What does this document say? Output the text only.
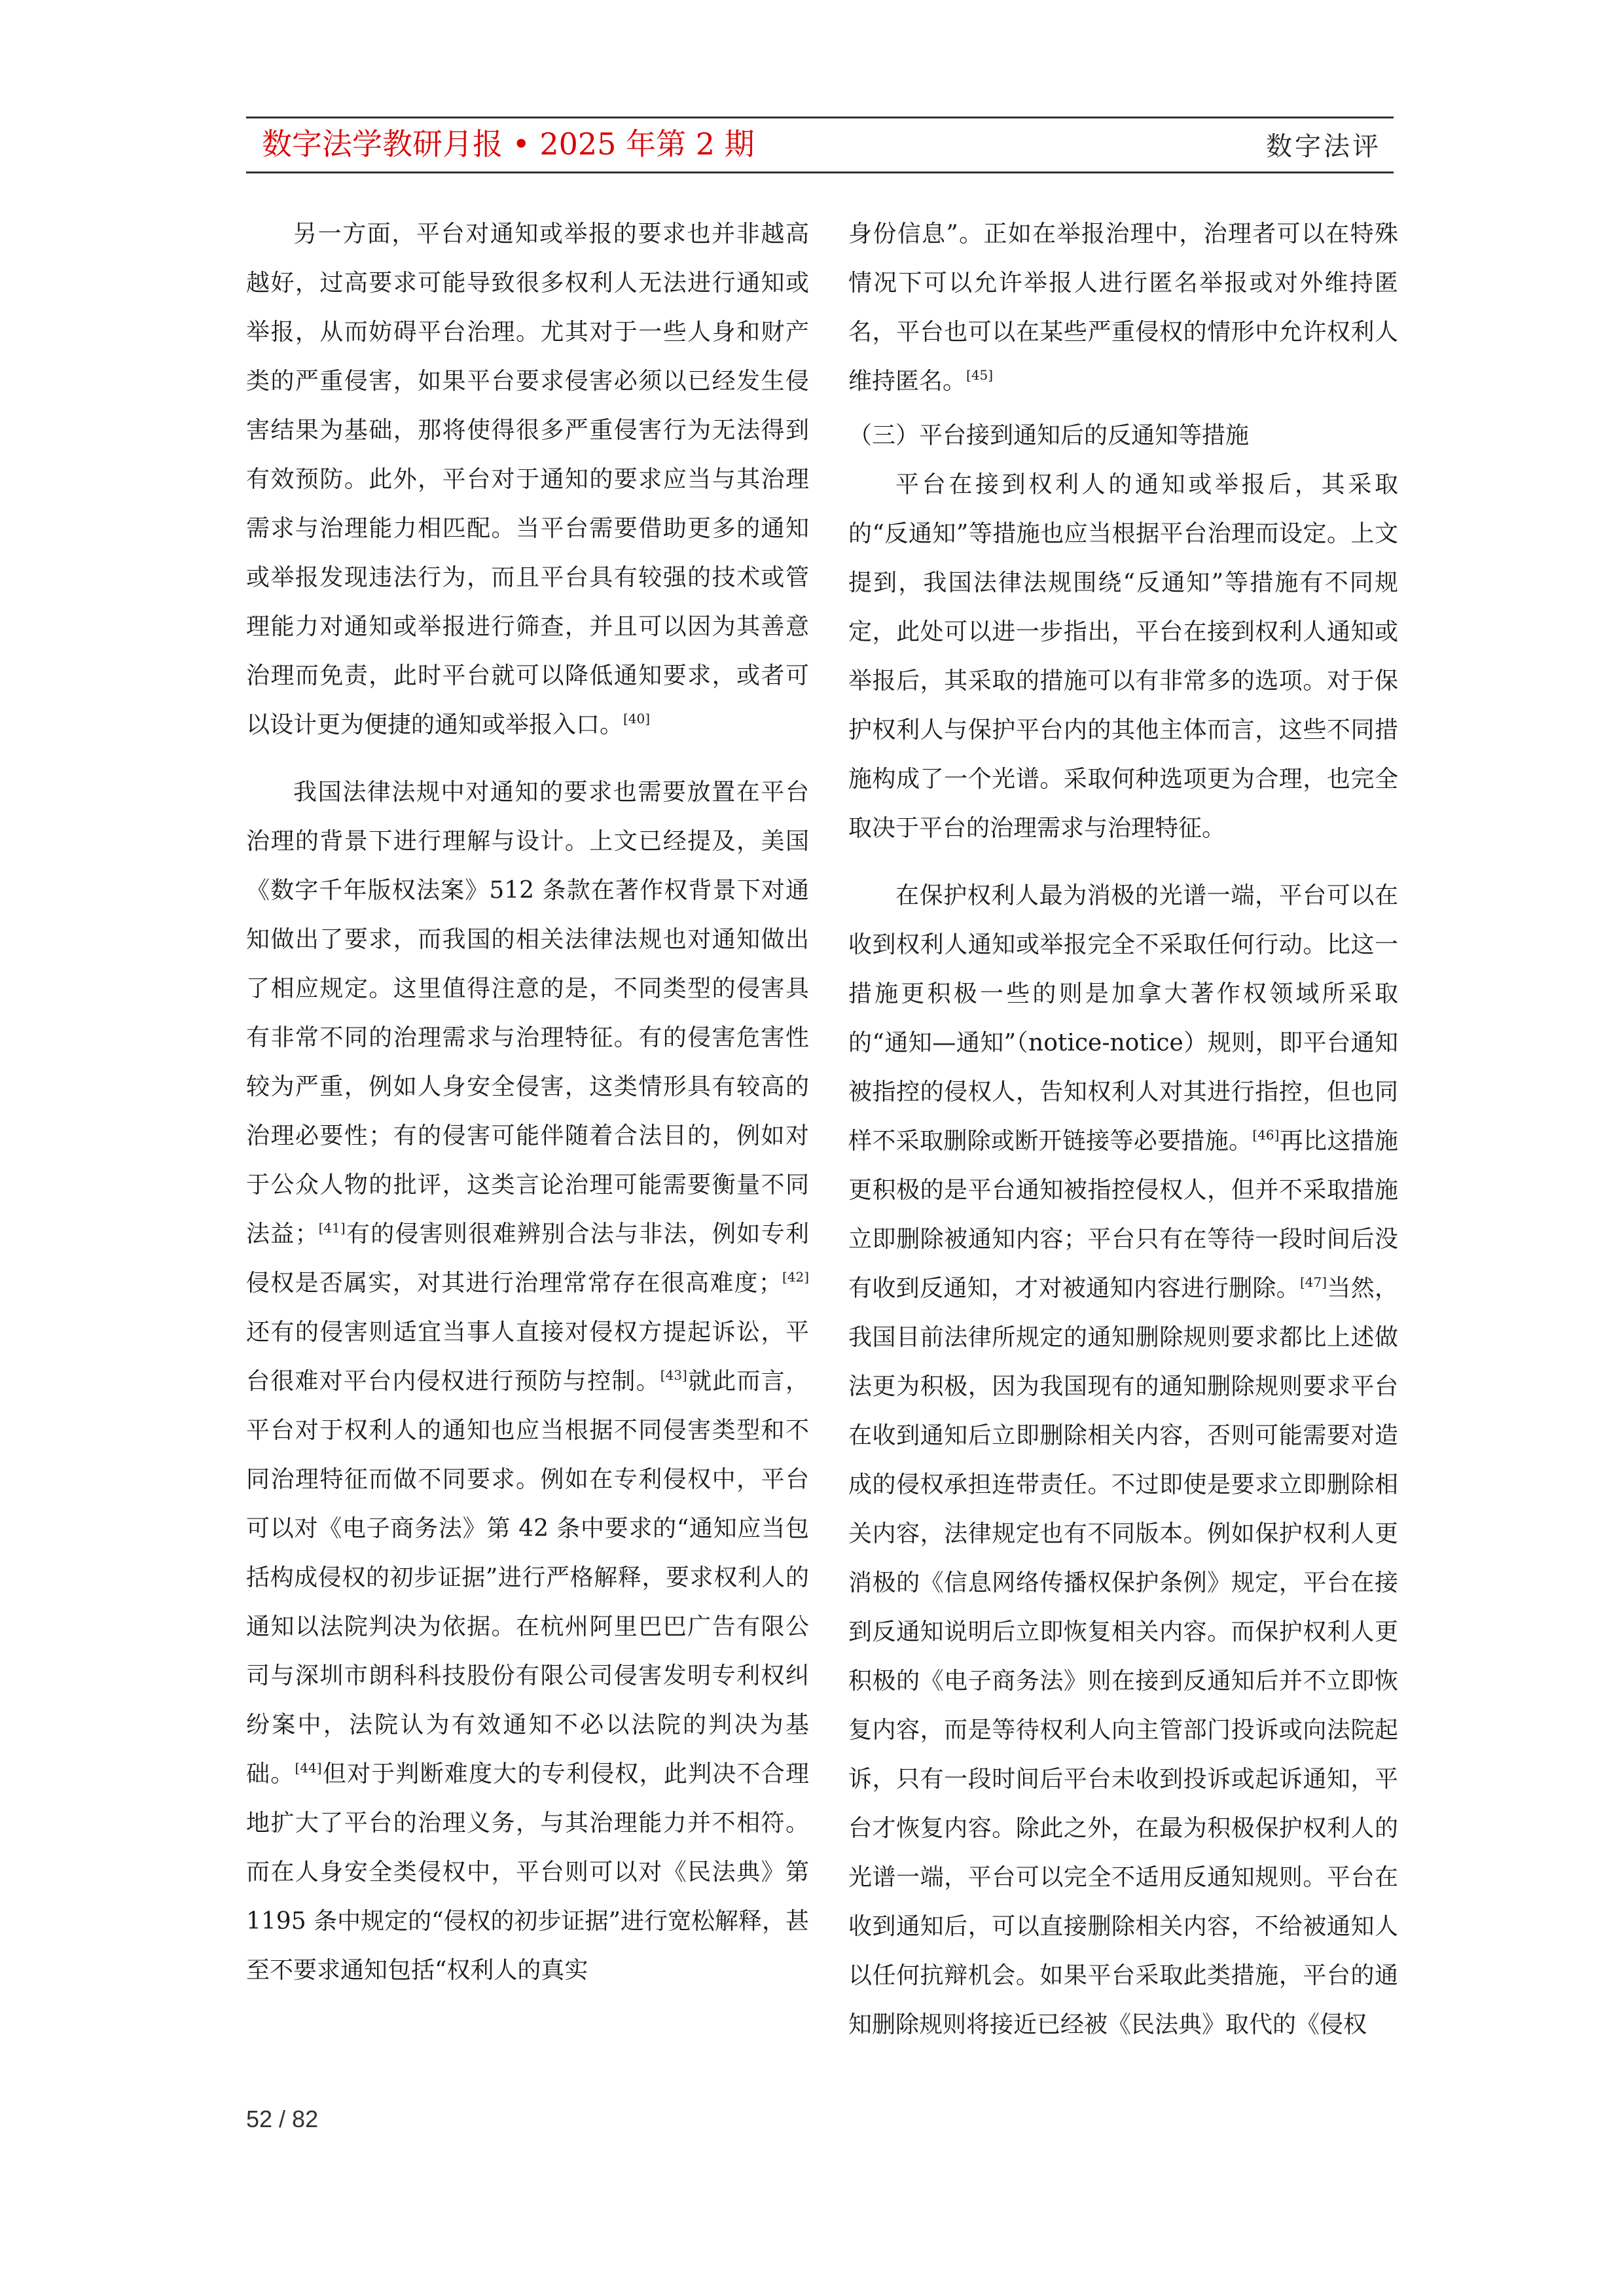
数字法学教研月报 • 2025 年第 2 期	数字法评

另一方面，平台对通知或举报的要求也并非越高越好，过高要求可能导致很多权利人无法进行通知或举报，从而妨碍平台治理。尤其对于一些人身和财产类的严重侵害，如果平台要求侵害必须以已经发生侵害结果为基础，那将使得很多严重侵害行为无法得到有效预防。此外，平台对于通知的要求应当与其治理需求与治理能力相匹配。当平台需要借助更多的通知或举报发现违法行为，而且平台具有较强的技术或管理能力对通知或举报进行筛查，并且可以因为其善意治理而免责，此时平台就可以降低通知要求，或者可以设计更为便捷的通知或举报入口。[40]

我国法律法规中对通知的要求也需要放置在平台治理的背景下进行理解与设计。上文已经提及，美国《数字千年版权法案》512 条款在著作权背景下对通知做出了要求，而我国的相关法律法规也对通知做出了相应规定。这里值得注意的是，不同类型的侵害具有非常不同的治理需求与治理特征。有的侵害危害性较为严重，例如人身安全侵害，这类情形具有较高的治理必要性；有的侵害可能伴随着合法目的，例如对于公众人物的批评，这类言论治理可能需要衡量不同法益；[41]有的侵害则很难辨别合法与非法，例如专利侵权是否属实，对其进行治理常常存在很高难度；[42]还有的侵害则适宜当事人直接对侵权方提起诉讼，平台很难对平台内侵权进行预防与控制。[43]就此而言，平台对于权利人的通知也应当根据不同侵害类型和不同治理特征而做不同要求。例如在专利侵权中，平台可以对《电子商务法》第 42 条中要求的“通知应当包括构成侵权的初步证据”进行严格解释，要求权利人的通知以法院判决为依据。在杭州阿里巴巴广告有限公司与深圳市朗科科技股份有限公司侵害发明专利权纠纷案中，法院认为有效通知不必以法院的判决为基础。[44]但对于判断难度大的专利侵权，此判决不合理地扩大了平台的治理义务，与其治理能力并不相符。而在人身安全类侵权中，平台则可以对《民法典》第 1195 条中规定的“侵权的初步证据”进行宽松解释，甚至不要求通知包括“权利人的真实

身份信息”。正如在举报治理中，治理者可以在特殊情况下可以允许举报人进行匿名举报或对外维持匿名，平台也可以在某些严重侵权的情形中允许权利人维持匿名。[45]

（三）平台接到通知后的反通知等措施

平台在接到权利人的通知或举报后，其采取的“反通知”等措施也应当根据平台治理而设定。上文提到，我国法律法规围绕“反通知”等措施有不同规定，此处可以进一步指出，平台在接到权利人通知或举报后，其采取的措施可以有非常多的选项。对于保护权利人与保护平台内的其他主体而言，这些不同措施构成了一个光谱。采取何种选项更为合理，也完全取决于平台的治理需求与治理特征。

在保护权利人最为消极的光谱一端，平台可以在收到权利人通知或举报完全不采取任何行动。比这一措施更积极一些的则是加拿大著作权领域所采取的“通知—通知”（notice-notice）规则，即平台通知被指控的侵权人，告知权利人对其进行指控，但也同样不采取删除或断开链接等必要措施。[46]再比这措施更积极的是平台通知被指控侵权人，但并不采取措施立即删除被通知内容；平台只有在等待一段时间后没有收到反通知，才对被通知内容进行删除。[47]当然，我国目前法律所规定的通知删除规则要求都比上述做法更为积极，因为我国现有的通知删除规则要求平台在收到通知后立即删除相关内容，否则可能需要对造成的侵权承担连带责任。不过即使是要求立即删除相关内容，法律规定也有不同版本。例如保护权利人更消极的《信息网络传播权保护条例》规定，平台在接到反通知说明后立即恢复相关内容。而保护权利人更积极的《电子商务法》则在接到反通知后并不立即恢复内容，而是等待权利人向主管部门投诉或向法院起诉，只有一段时间后平台未收到投诉或起诉通知，平台才恢复内容。除此之外，在最为积极保护权利人的光谱一端，平台可以完全不适用反通知规则。平台在收到通知后，可以直接删除相关内容，不给被通知人以任何抗辩机会。如果平台采取此类措施，平台的通知删除规则将接近已经被《民法典》取代的《侵权

52 / 82
